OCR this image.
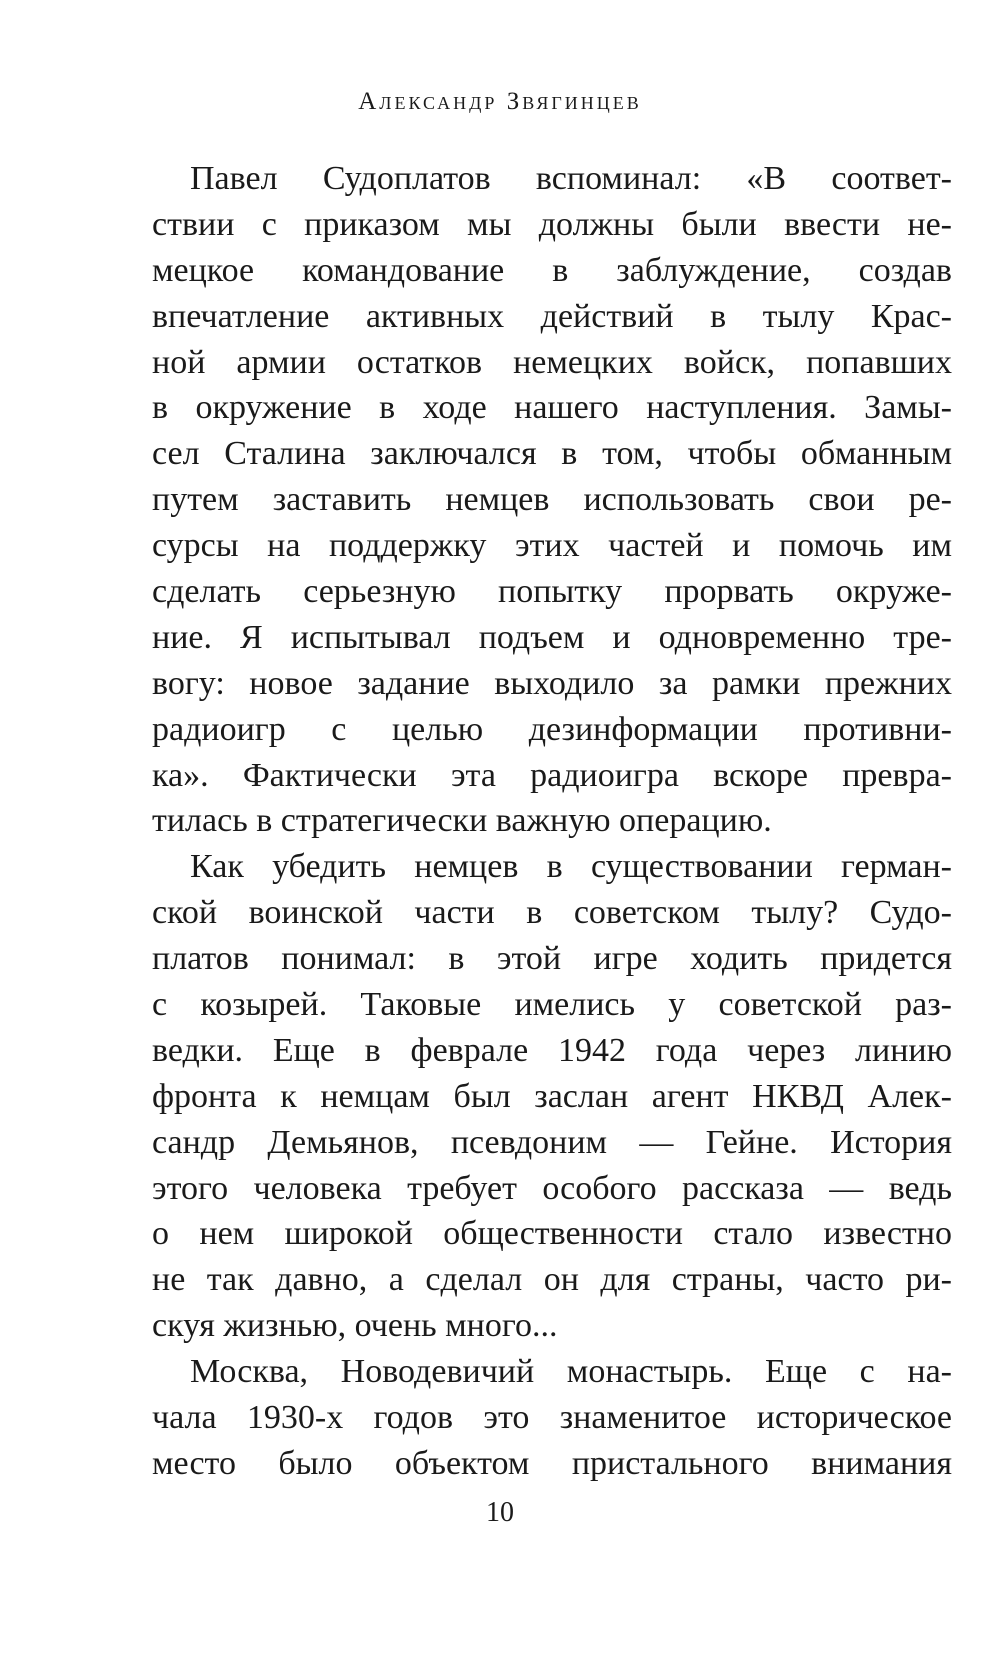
Александр Звягинцев
Павел Судоплатов вспоминал: «В соответ-
ствии с приказом мы должны были ввести не-
мецкое командование в заблуждение, создав
впечатление активных действий в тылу Крас-
ной армии остатков немецких войск, попавших
в окружение в ходе нашего наступления. Замы-
сел Сталина заключался в том, чтобы обманным
путем заставить немцев использовать свои ре-
сурсы на поддержку этих частей и помочь им
сделать серьезную попытку прорвать окруже-
ние. Я испытывал подъем и одновременно тре-
вогу: новое задание выходило за рамки прежних
радиоигр с целью дезинформации противни-
ка». Фактически эта радиоигра вскоре превра-
тилась в стратегически важную операцию.
Как убедить немцев в существовании герман-
ской воинской части в советском тылу? Судо-
платов понимал: в этой игре ходить придется
с козырей. Таковые имелись у советской раз-
ведки. Еще в феврале 1942 года через линию
фронта к немцам был заслан агент НКВД Алек-
сандр Демьянов, псевдоним — Гейне. История
этого человека требует особого рассказа — ведь
о нем широкой общественности стало известно
не так давно, а сделал он для страны, часто ри-
скуя жизнью, очень много...
Москва, Новодевичий монастырь. Еще с на-
чала 1930-х годов это знаменитое историческое
место было объектом пристального внимания
10
